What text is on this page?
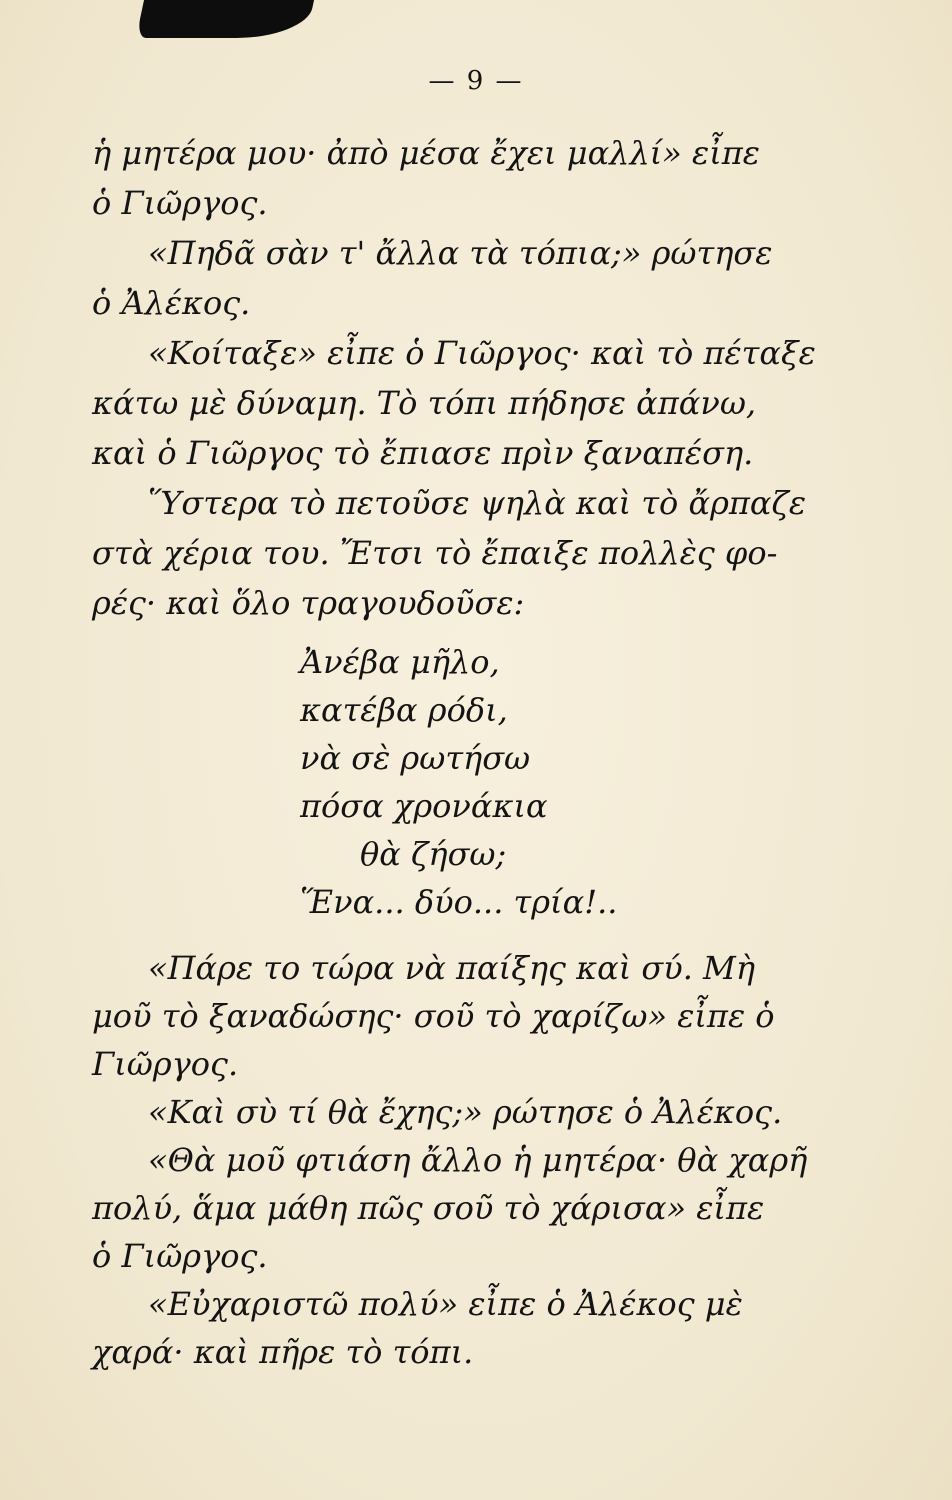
— 9 —
ἡ μητέρα μου· ἀπὸ μέσα ἔχει μαλλί» εἶπε
ὁ Γιῶργος.
«Πηδᾶ σὰν τ' ἄλλα τὰ τόπια;» ρώτησε
ὁ Ἀλέκος.
«Κοίταξε» εἶπε ὁ Γιῶργος· καὶ τὸ πέταξε
κάτω μὲ δύναμη. Τὸ τόπι πήδησε ἀπάνω,
καὶ ὁ Γιῶργος τὸ ἔπιασε πρὶν ξαναπέση.
Ὕστερα τὸ πετοῦσε ψηλὰ καὶ τὸ ἄρπαζε
στὰ χέρια του. Ἔτσι τὸ ἔπαιξε πολλὲς φο-
ρές· καὶ ὅλο τραγουδοῦσε:
Ἀνέβα μῆλο,
κατέβα ρόδι,
νὰ σὲ ρωτήσω
πόσα χρονάκια
θὰ ζήσω;
Ἕνα... δύο... τρία!..
«Πάρε το τώρα νὰ παίξης καὶ σύ. Μὴ
μοῦ τὸ ξαναδώσης· σοῦ τὸ χαρίζω» εἶπε ὁ
Γιῶργος.
«Καὶ σὺ τί θὰ ἔχης;» ρώτησε ὁ Ἀλέκος.
«Θὰ μοῦ φτιάση ἄλλο ἡ μητέρα· θὰ χαρῆ
πολύ, ἅμα μάθη πῶς σοῦ τὸ χάρισα» εἶπε
ὁ Γιῶργος.
«Εὐχαριστῶ πολύ» εἶπε ὁ Ἀλέκος μὲ
χαρά· καὶ πῆρε τὸ τόπι.
